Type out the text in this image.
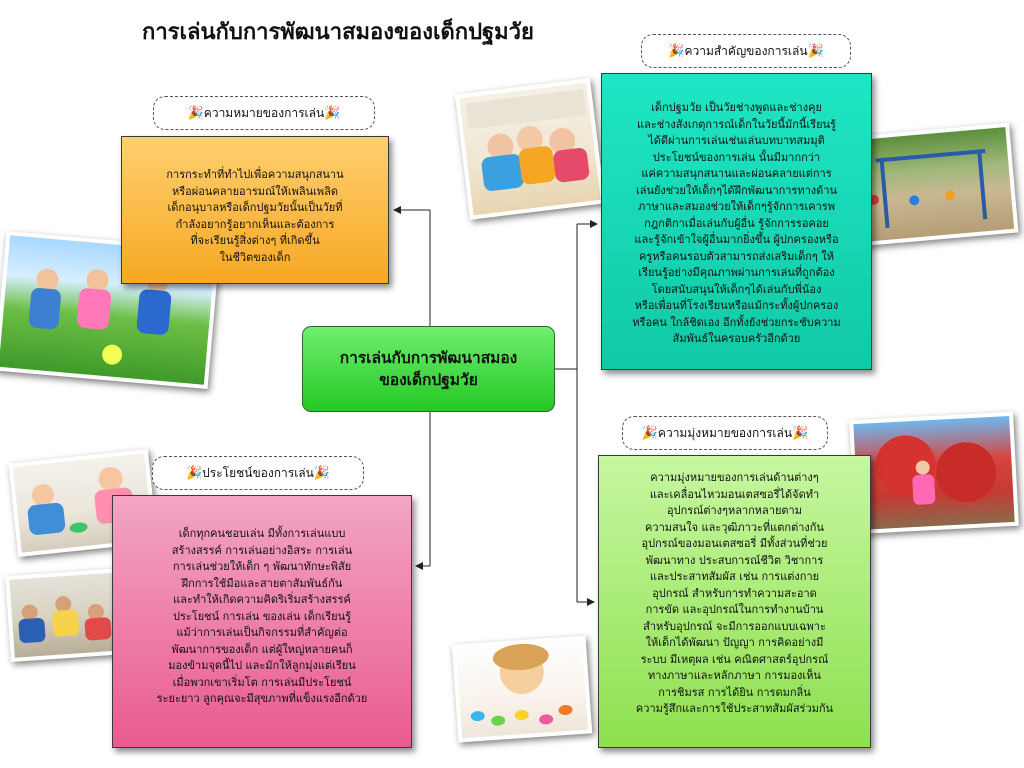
การเล่นกับการพัฒนาสมองของเด็กปฐมวัย
🎉 ความหมายของการเล่น 🎉
🎉 ความสำคัญของการเล่น 🎉
🎉 ความมุ่งหมายของการเล่น 🎉
🎉 ประโยชน์ของการเล่น 🎉

การกระทำที่ทำไปเพื่อความสนุกสนาน

หรือผ่อนคลายอารมณ์ให้เพลินเพลิด

เด็กอนุบาลหรือเด็กปฐมวัยนั้นเป็นวัยที่

กำลังอยากรู้อยากเห็นและต้องการ

ที่จะเรียนรู้สิ่งต่างๆ ที่เกิดขึ้น

ในชีวิตของเด็ก

เด็กปฐมวัย เป็นวัยช่างพูดและช่างคุย

และช่างสังเกตุการณ์เด็กในวัยนี้มักนี้เรียนรู้

ได้ดีผ่านการเล่นเช่นเล่นบทบาทสมมุติ

ประโยชน์ของการเล่น นั้นมีมากกว่า

แค่ความสนุกสนานและผ่อนคลายแต่การ

เล่นยังช่วยให้เด็กๆได้ฝึกพัฒนาการทางด้าน

ภาษาและสมองช่วยให้เด็กๆรู้จักการเคารพ

กฎกติกาเมื่อเล่นกับผู้อื่น รู้จักการรอคอย

และรู้จักเข้าใจผู้อื่นมากยิ่งขึ้น ผู้ปกครองหรือ

ครูหรือคนรอบตัวสามารถส่งเสริมเด็กๆ ให้

เรียนรู้อย่างมีคุณภาพผ่านการเล่นที่ถูกต้อง

โดยสนับสนุนให้เด็กๆได้เล่นกับพี่น้อง

หรือเพื่อนที่โรงเรียนหรือแม้กระทั้งผู้ปกครอง

หรือคน ใกล้ชิดเอง อีกทั้งยังช่วยกระชับความ

สัมพันธ์ในครอบครัวอีกด้วย

ความมุ่งหมายของการเล่นด้านต่างๆ

และเคลื่อนไหวมอนเตสซอรี่ได้จัดทำ

อุปกรณ์ต่างๆหลากหลายตาม

ความสนใจ และวุฒิภาวะที่แตกต่างกัน

อุปกรณ์ของมอนเตสซอรี่ มีทั้งส่วนที่ช่วย

พัฒนาทาง ประสบการณ์ชีวิต วิชาการ

และประสาทสัมผัส เช่น การแต่งกาย

อุปกรณ์ สำหรับการทำความสะอาด

การขัด และอุปกรณ์ในการทำงานบ้าน

สำหรับอุปกรณ์ จะมีการออกแบบเฉพาะ

ให้เด็กได้พัฒนา ปัญญา การคิดอย่างมี

ระบบ มีเหตุผล เช่น คณิตศาสตร์อุปกรณ์

ทางภาษาและหลักภาษา การมองเห็น

การชิมรส การได้ยิน การดมกลิ่น

ความรู้สึกและการใช้ประสาทสัมผัสร่วมกัน

เด็กทุกคนชอบเล่น มีทั้งการเล่นแบบ

สร้างสรรค์ การเล่นอย่างอิสระ การเล่น

การเล่นช่วยให้เด็ก ๆ พัฒนาทักษะพิสัย

ฝึกการใช้มือและสายตาสัมพันธ์กัน

และทำให้เกิดความคิดริเริ่มสร้างสรรค์

ประโยชน์ การเล่น ของเล่น เด็กเรียนรู้

แม้ว่าการเล่นเป็นกิจกรรมที่สำคัญต่อ

พัฒนาการของเด็ก แต่ผู้ใหญ่หลายคนก็

มองข้ามจุดนี้ไป และมักให้ลูกมุ่งแต่เรียน

เมื่อพวกเขาเริ่มโต การเล่นมีประโยชน์

ระยะยาว ลูกคุณจะมีสุขภาพที่แข็งแรงอีกด้วย

การเล่นกับการพัฒนาสมอง
ของเด็กปฐมวัย
